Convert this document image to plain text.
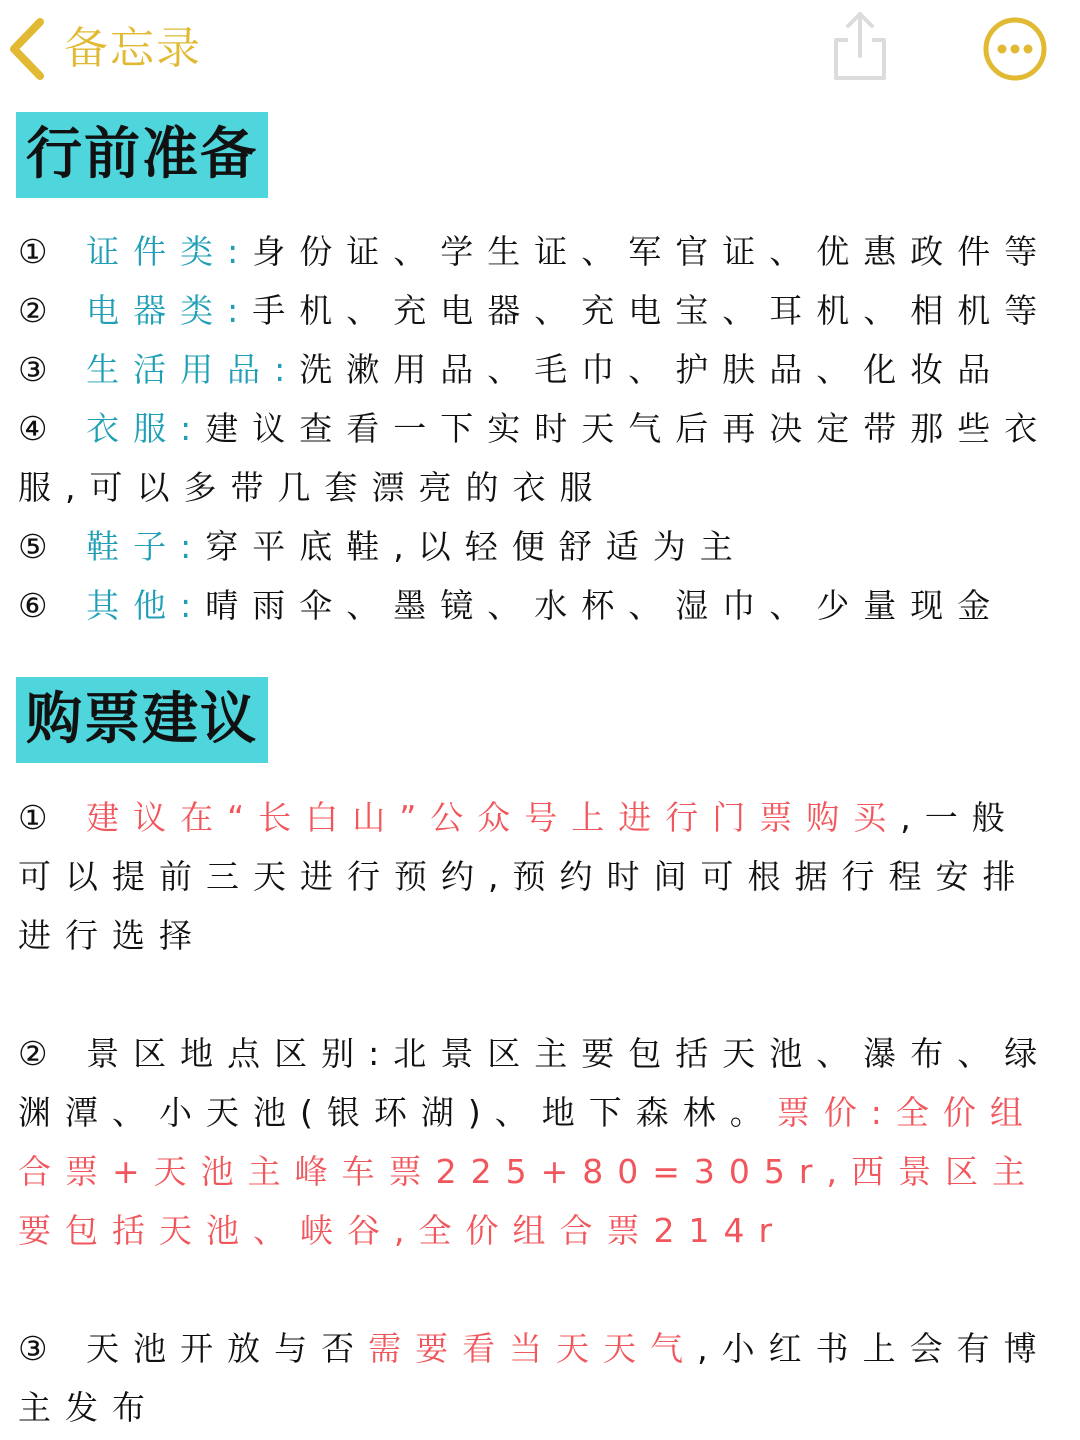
备忘录
行前准备

① 证件类:身份证、学生证、军官证、优惠政件等

② 电器类:手机、充电器、充电宝、耳机、相机等

③ 生活用品:洗漱用品、毛巾、护肤品、化妆品

④ 衣服:建议查看一下实时天气后再决定带那些衣服,可以多带几套漂亮的衣服

⑤ 鞋子:穿平底鞋,以轻便舒适为主

⑥ 其他:晴雨伞、墨镜、水杯、湿巾、少量现金

购票建议

① 建议在“长白山”公众号上进行门票购买,一般可以提前三天进行预约,预约时间可根据行程安排进行选择

② 景区地点区别:北景区主要包括天池、瀑布、绿渊潭、小天池(银环湖)、地下森林。票价:全价组合票+天池主峰车票225+80=305r,西景区主要包括天池、峡谷,全价组合票214r

③ 天池开放与否需要看当天天气,小红书上会有博主发布
